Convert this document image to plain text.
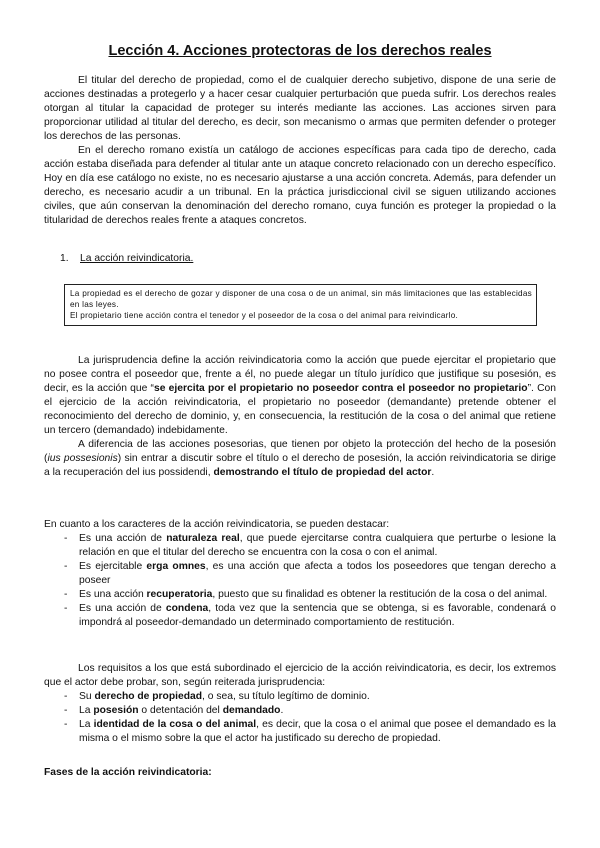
Lección 4. Acciones protectoras de los derechos reales

El titular del derecho de propiedad, como el de cualquier derecho subjetivo, dispone de una serie de acciones destinadas a protegerlo y a hacer cesar cualquier perturbación que pueda sufrir. Los derechos reales otorgan al titular la capacidad de proteger su interés mediante las acciones. Las acciones sirven para proporcionar utilidad al titular del derecho, es decir, son mecanismo o armas que permiten defender o proteger los derechos de las personas.

En el derecho romano existía un catálogo de acciones específicas para cada tipo de derecho, cada acción estaba diseñada para defender al titular ante un ataque concreto relacionado con un derecho específico. Hoy en día ese catálogo no existe, no es necesario ajustarse a una acción concreta. Además, para defender un derecho, es necesario acudir a un tribunal. En la práctica jurisdiccional civil se siguen utilizando acciones civiles, que aún conservan la denominación del derecho romano, cuya función es proteger la propiedad o la titularidad de derechos reales frente a ataques concretos.

1. La acción reivindicatoria.
La propiedad es el derecho de gozar y disponer de una cosa o de un animal, sin más limitaciones que las establecidas en las leyes.
El propietario tiene acción contra el tenedor y el poseedor de la cosa o del animal para reivindicarlo.

La jurisprudencia define la acción reivindicatoria como la acción que puede ejercitar el propietario que no posee contra el poseedor que, frente a él, no puede alegar un título jurídico que justifique su posesión, es decir, es la acción que “se ejercita por el propietario no poseedor contra el poseedor no propietario”. Con el ejercicio de la acción reivindicatoria, el propietario no poseedor (demandante) pretende obtener el reconocimiento del derecho de dominio, y, en consecuencia, la restitución de la cosa o del animal que retiene un tercero (demandado) indebidamente.

A diferencia de las acciones posesorias, que tienen por objeto la protección del hecho de la posesión (ius possesionis) sin entrar a discutir sobre el título o el derecho de posesión, la acción reivindicatoria se dirige a la recuperación del ius possidendi, demostrando el título de propiedad del actor.

En cuanto a los caracteres de la acción reivindicatoria, se pueden destacar:

- Es una acción de naturaleza real, que puede ejercitarse contra cualquiera que perturbe o lesione la relación en que el titular del derecho se encuentra con la cosa o con el animal.
- Es ejercitable erga omnes, es una acción que afecta a todos los poseedores que tengan derecho a poseer
- Es una acción recuperatoria, puesto que su finalidad es obtener la restitución de la cosa o del animal.
- Es una acción de condena, toda vez que la sentencia que se obtenga, si es favorable, condenará o impondrá al poseedor-demandado un determinado comportamiento de restitución.

Los requisitos a los que está subordinado el ejercicio de la acción reivindicatoria, es decir, los extremos que el actor debe probar, son, según reiterada jurisprudencia:

- Su derecho de propiedad, o sea, su título legítimo de dominio.
- La posesión o detentación del demandado.
- La identidad de la cosa o del animal, es decir, que la cosa o el animal que posee el demandado es la misma o el mismo sobre la que el actor ha justificado su derecho de propiedad.
Fases de la acción reivindicatoria:
